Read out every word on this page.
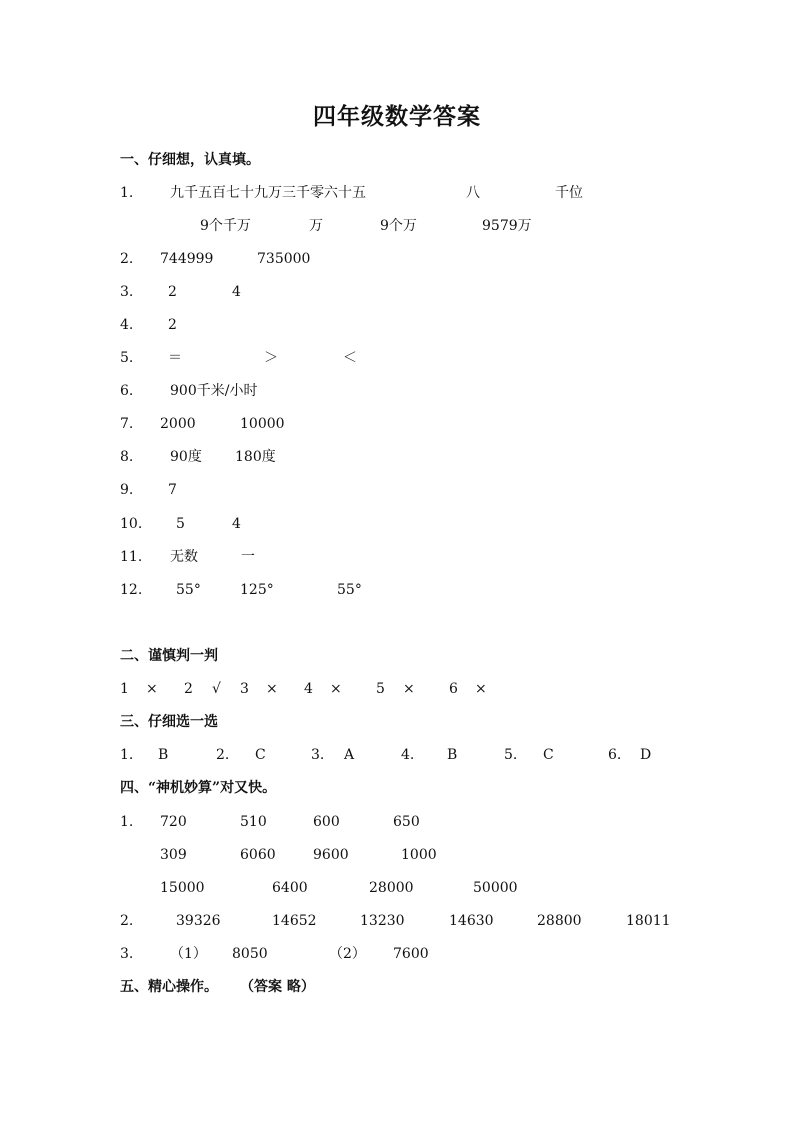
四年级数学答案
一、仔细想，认真填。
1.	九千五百七十九万三千零六十五	八	千位
9个千万	万	9个万	9579万
2. 744999	735000
3. 2	4
4. 2
5. ＝	＞	＜
6.	900千米/小时
7. 2000	10000
8.	90度 180度
9. 7
10. 5	4
11. 无数	一
12. 55°	125°	55°
二、谨慎判一判
1 × 2 √ 3 × 4 × 5 × 6 ×
三、仔细选一选
1. B	2. C	3. A	4. B	5. C	6. D
四、“神机妙算”对又快。
1. 720	510	600	650
309	6060	9600	1000
15000	6400	28000	50000
2.	39326	14652	13230	14630	28800	18011
3.	（1） 8050	（2） 7600
五、精心操作。 （答案 略）
